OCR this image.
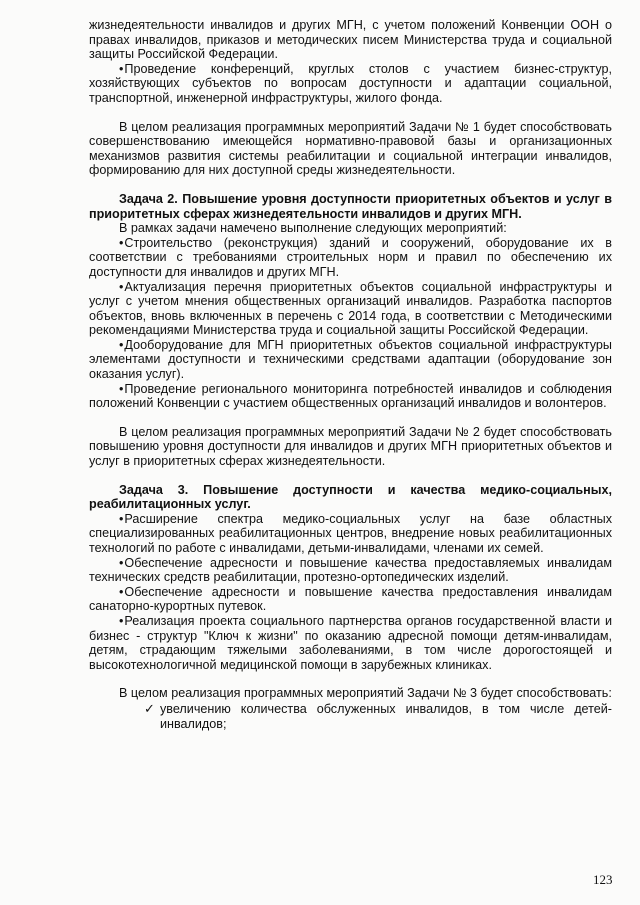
жизнедеятельности инвалидов и других МГН, с учетом положений Конвенции ООН о правах инвалидов, приказов и методических писем Министерства труда и социальной защиты Российской Федерации.

• Проведение конференций, круглых столов с участием бизнес-структур, хозяйствующих субъектов по вопросам доступности и адаптации социальной, транспортной, инженерной инфраструктуры, жилого фонда.

В целом реализация программных мероприятий Задачи № 1 будет способствовать совершенствованию имеющейся нормативно-правовой базы и организационных механизмов развития системы реабилитации и социальной интеграции инвалидов, формированию для них доступной среды жизнедеятельности.

Задача 2. Повышение уровня доступности приоритетных объектов и услуг в приоритетных сферах жизнедеятельности инвалидов и других МГН.

В рамках задачи намечено выполнение следующих мероприятий:

• Строительство (реконструкция) зданий и сооружений, оборудование их в соответствии с требованиями строительных норм и правил по обеспечению их доступности для инвалидов и других МГН.

• Актуализация перечня приоритетных объектов социальной инфраструктуры и услуг с учетом мнения общественных организаций инвалидов. Разработка паспортов объектов, вновь включенных в перечень с 2014 года, в соответствии с Методическими рекомендациями Министерства труда и социальной защиты Российской Федерации.

• Дооборудование для МГН приоритетных объектов социальной инфраструктуры элементами доступности и техническими средствами адаптации (оборудование зон оказания услуг).

• Проведение регионального мониторинга потребностей инвалидов и соблюдения положений Конвенции с участием общественных организаций инвалидов и волонтеров.

В целом реализация программных мероприятий Задачи № 2 будет способствовать повышению уровня доступности для инвалидов и других МГН приоритетных объектов и услуг в приоритетных сферах жизнедеятельности.

Задача 3. Повышение доступности и качества медико-социальных, реабилитационных услуг.

• Расширение спектра медико-социальных услуг на базе областных специализированных реабилитационных центров, внедрение новых реабилитационных технологий по работе с инвалидами, детьми-инвалидами, членами их семей.

• Обеспечение адресности и повышение качества предоставляемых инвалидам технических средств реабилитации, протезно-ортопедических изделий.

• Обеспечение адресности и повышение качества предоставления инвалидам санаторно-курортных путевок.

• Реализация проекта социального партнерства органов государственной власти и бизнес - структур "Ключ к жизни" по оказанию адресной помощи детям-инвалидам, детям, страдающим тяжелыми заболеваниями, в том числе дорогостоящей и высокотехнологичной медицинской помощи в зарубежных клиниках.

В целом реализация программных мероприятий Задачи № 3 будет способствовать:

✓ увеличению количества обслуженных инвалидов, в том числе детей-инвалидов;
123
